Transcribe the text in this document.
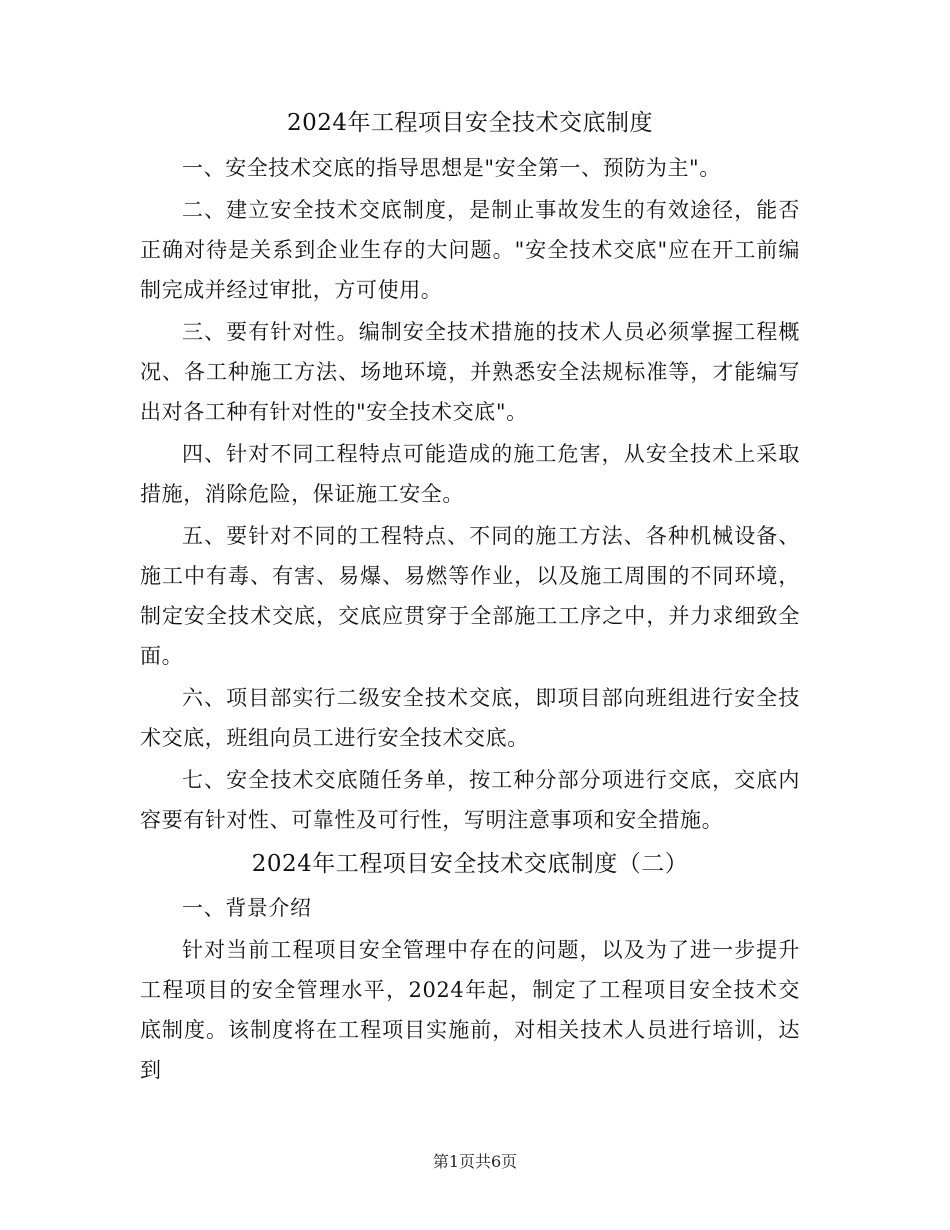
2024年工程项目安全技术交底制度

一、安全技术交底的指导思想是"安全第一、预防为主"。

二、建立安全技术交底制度，是制止事故发生的有效途径，能否正确对待是关系到企业生存的大问题。"安全技术交底"应在开工前编制完成并经过审批，方可使用。

三、要有针对性。编制安全技术措施的技术人员必须掌握工程概况、各工种施工方法、场地环境，并熟悉安全法规标准等，才能编写出对各工种有针对性的"安全技术交底"。

四、针对不同工程特点可能造成的施工危害，从安全技术上采取措施，消除危险，保证施工安全。

五、要针对不同的工程特点、不同的施工方法、各种机械设备、施工中有毒、有害、易爆、易燃等作业，以及施工周围的不同环境，制定安全技术交底，交底应贯穿于全部施工工序之中，并力求细致全面。

六、项目部实行二级安全技术交底，即项目部向班组进行安全技术交底，班组向员工进行安全技术交底。

七、安全技术交底随任务单，按工种分部分项进行交底，交底内容要有针对性、可靠性及可行性，写明注意事项和安全措施。

2024年工程项目安全技术交底制度（二）

一、背景介绍

针对当前工程项目安全管理中存在的问题，以及为了进一步提升工程项目的安全管理水平，2024年起，制定了工程项目安全技术交底制度。该制度将在工程项目实施前，对相关技术人员进行培训，达到

第1页共6页
